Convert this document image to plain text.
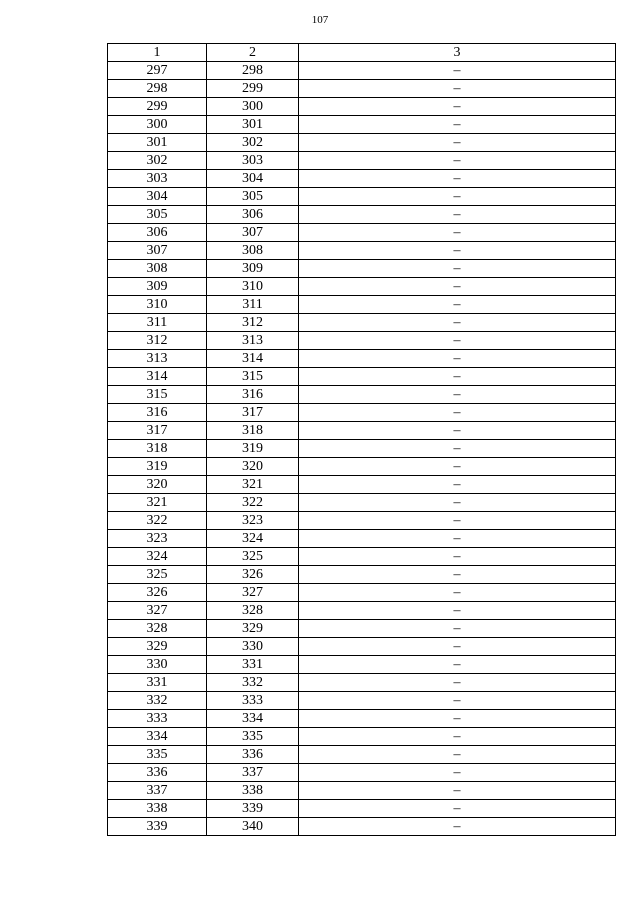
107
1	2	3
297	298	–
298	299	–
299	300	–
300	301	–
301	302	–
302	303	–
303	304	–
304	305	–
305	306	–
306	307	–
307	308	–
308	309	–
309	310	–
310	311	–
311	312	–
312	313	–
313	314	–
314	315	–
315	316	–
316	317	–
317	318	–
318	319	–
319	320	–
320	321	–
321	322	–
322	323	–
323	324	–
324	325	–
325	326	–
326	327	–
327	328	–
328	329	–
329	330	–
330	331	–
331	332	–
332	333	–
333	334	–
334	335	–
335	336	–
336	337	–
337	338	–
338	339	–
339	340	–
